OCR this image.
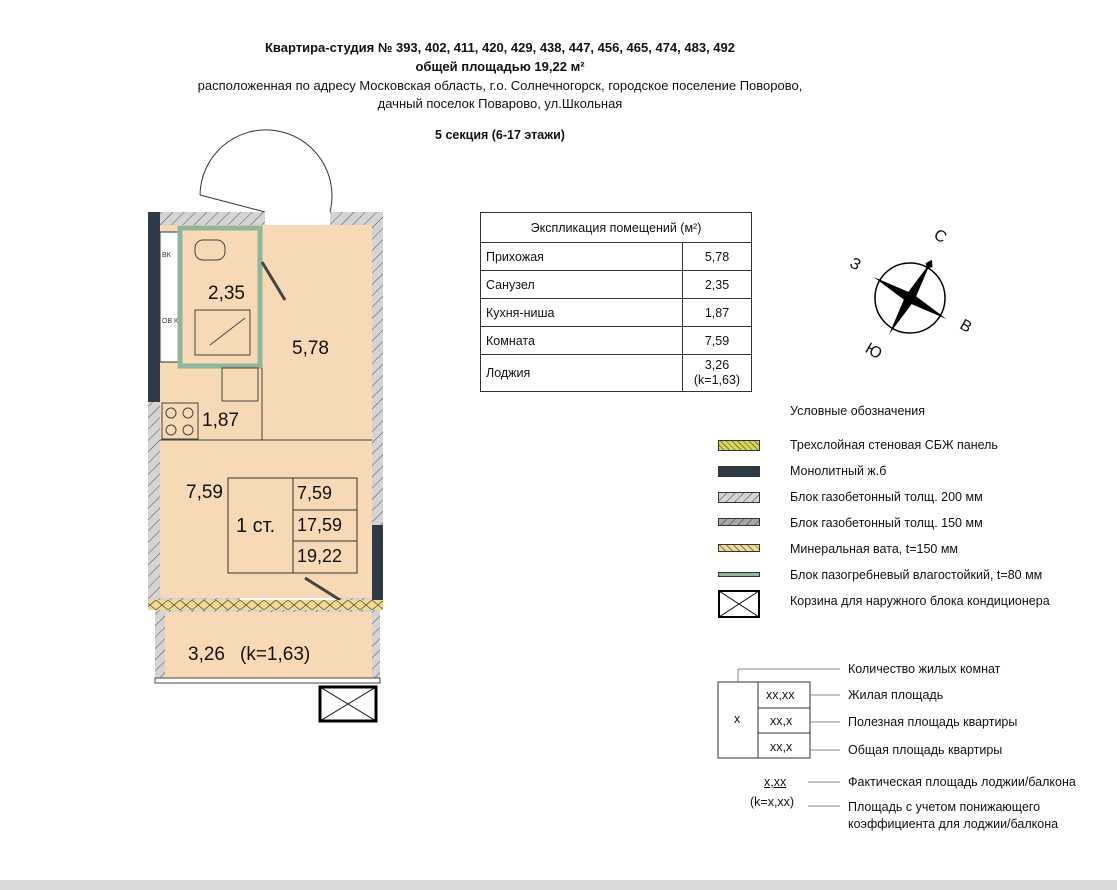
Квартира-студия № 393, 402, 411, 420, 429, 438, 447, 456, 465, 474, 483, 492
общей площадью 19,22 м²
расположенная по адресу Московская область, г.о. Солнечногорск, городское поселение Поворово,
дачный поселок Поварово, ул.Школьная
5 секция (6-17 этажи)
ВК
ОВ КВ
2,35
5,78
1,87
7,59
1 ст.
7,59
17,59
19,22
3,26 (k=1,63)
Экспликация помещений (м²)	
Прихожая	5,78
Санузел	2,35
Кухня-ниша	1,87
Комната	7,59
Лоджия	3,26
(k=1,63)
С
В
Ю
З
Условные обозначения
Трехслойная стеновая СБЖ панель
Монолитный ж.б
Блок газобетонный толщ. 200 мм
Блок газобетонный толщ. 150 мм
Минеральная вата, t=150 мм
Блок пазогребневый влагостойкий, t=80 мм
Корзина для наружного блока кондиционера
x
xx,xx
xx,x
xx,x
Количество жилых комнат
Жилая площадь
Полезная площадь квартиры
Общая площадь квартиры
x,xx
(k=x,xx)
Фактическая площадь лоджии/балкона
Площадь с учетом понижающего
коэффициента для лоджии/балкона
